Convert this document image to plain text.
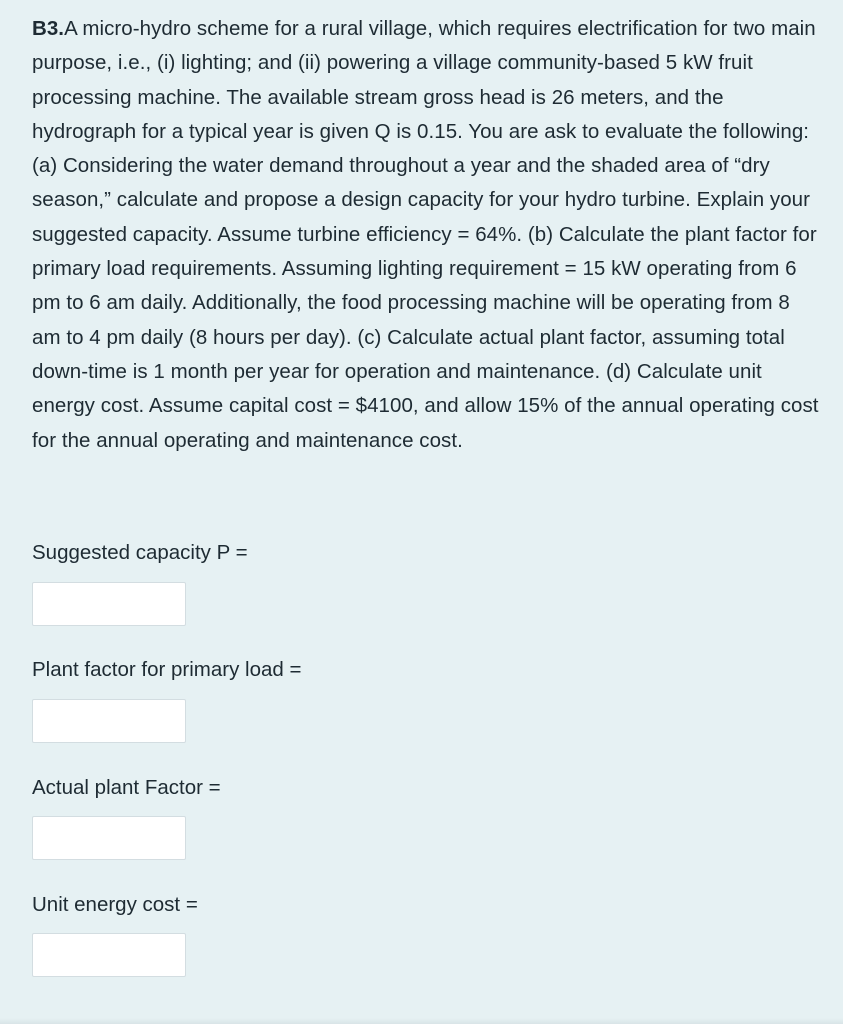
B3.A micro-hydro scheme for a rural village, which requires electrification for two main purpose, i.e., (i) lighting; and (ii) powering a village community-based 5 kW fruit processing machine. The available stream gross head is 26 meters, and the hydrograph for a typical year is given Q is 0.15. You are ask to evaluate the following: (a) Considering the water demand throughout a year and the shaded area of “dry season,” calculate and propose a design capacity for your hydro turbine. Explain your suggested capacity. Assume turbine efficiency = 64%. (b) Calculate the plant factor for primary load requirements. Assuming lighting requirement = 15 kW operating from 6 pm to 6 am daily. Additionally, the food processing machine will be operating from 8 am to 4 pm daily (8 hours per day). (c) Calculate actual plant factor, assuming total down-time is 1 month per year for operation and maintenance. (d) Calculate unit energy cost. Assume capital cost = $4100, and allow 15% of the annual operating cost for the annual operating and maintenance cost.
Suggested capacity P =
Plant factor for primary load =
Actual plant Factor =
Unit energy cost =
